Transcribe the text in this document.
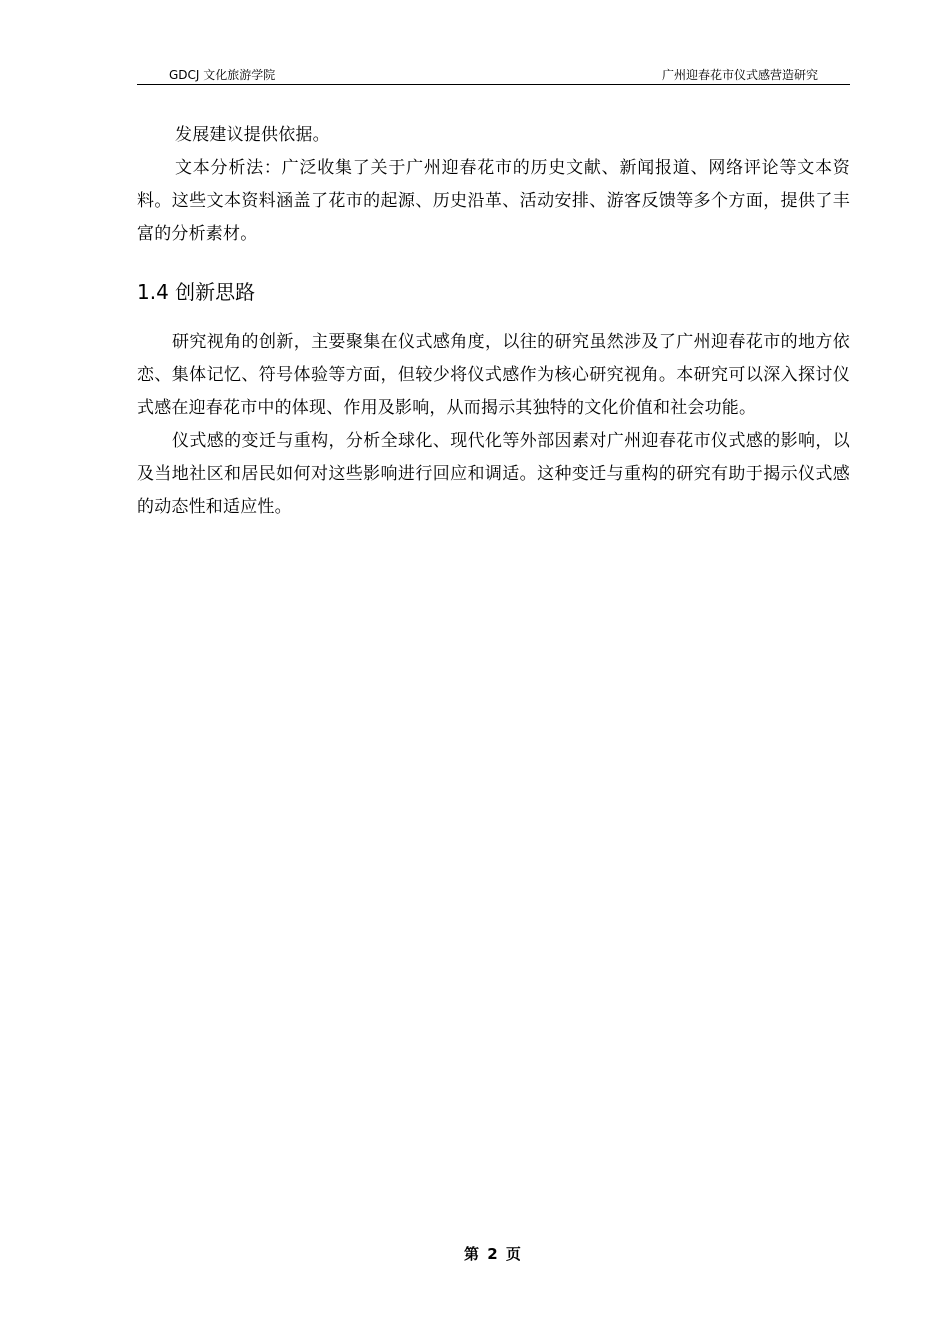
GDCJ 文化旅游学院	广州迎春花市仪式感营造研究

发展建议提供依据。

文本分析法：广泛收集了关于广州迎春花市的历史文献、新闻报道、网络评论等文本资料。这些文本资料涵盖了花市的起源、历史沿革、活动安排、游客反馈等多个方面，提供了丰富的分析素材。

1.4 创新思路

研究视角的创新，主要聚集在仪式感角度，以往的研究虽然涉及了广州迎春花市的地方依恋、集体记忆、符号体验等方面，但较少将仪式感作为核心研究视角。本研究可以深入探讨仪式感在迎春花市中的体现、作用及影响，从而揭示其独特的文化价值和社会功能。

仪式感的变迁与重构，分析全球化、现代化等外部因素对广州迎春花市仪式感的影响，以及当地社区和居民如何对这些影响进行回应和调适。这种变迁与重构的研究有助于揭示仪式感的动态性和适应性。

第 2 页
